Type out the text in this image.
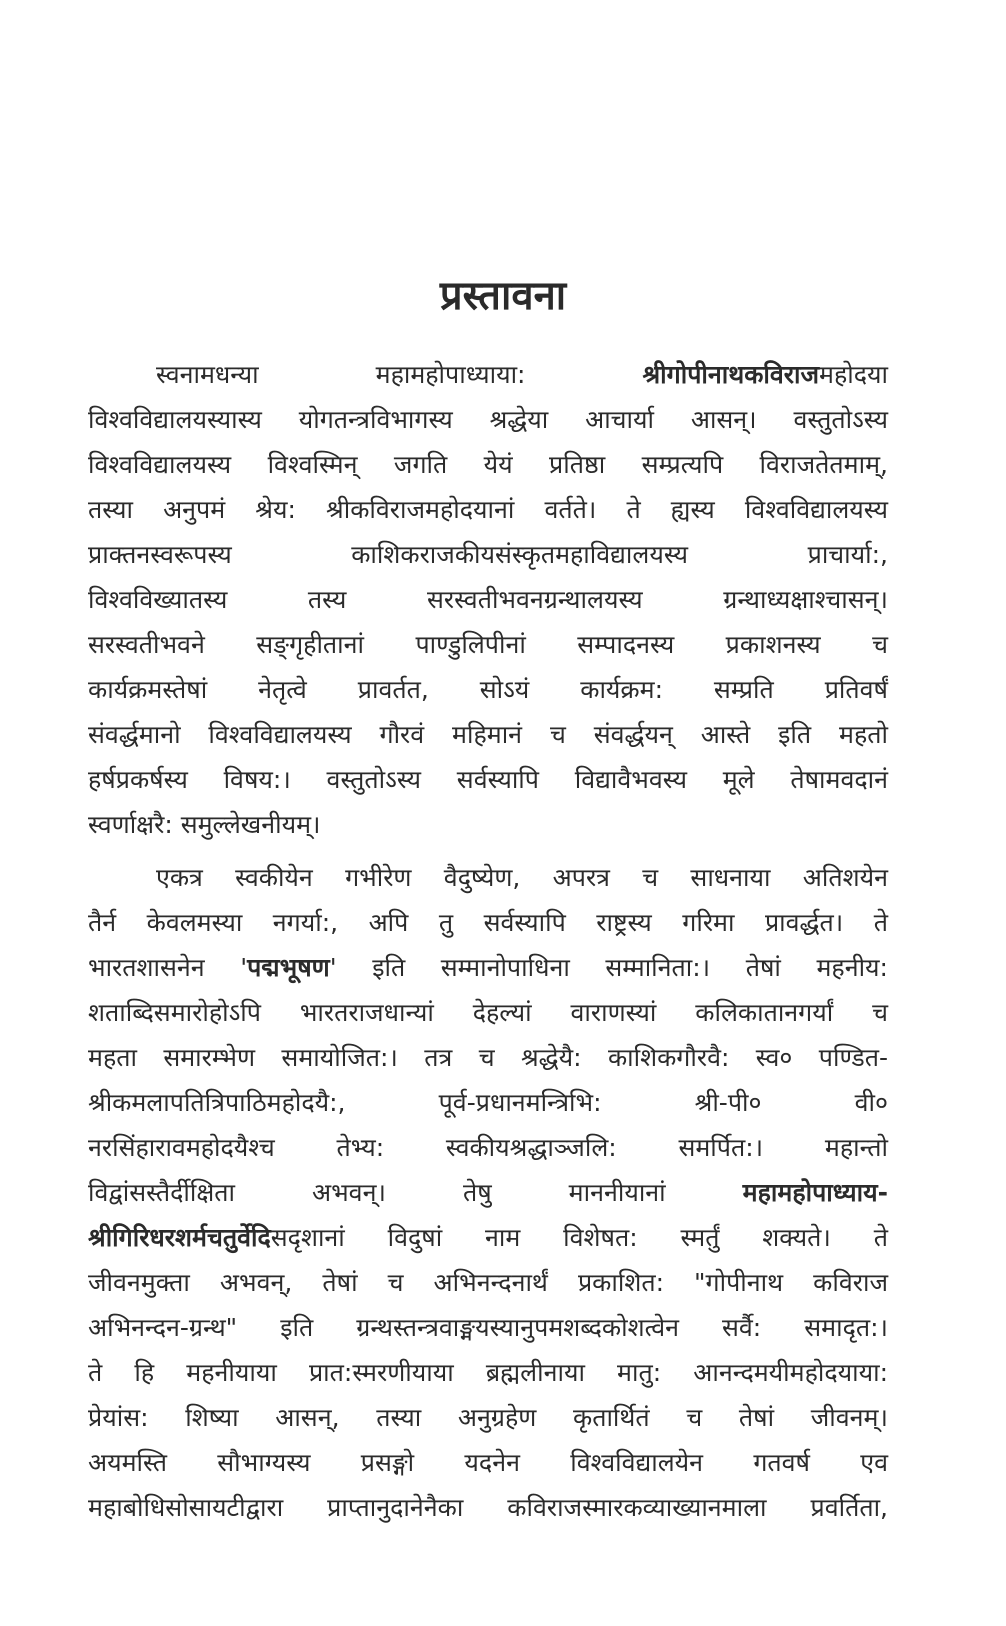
प्रस्तावना
स्वनामधन्या महामहोपाध्याया: श्रीगोपीनाथकविराजमहोदया
विश्वविद्यालयस्यास्य योगतन्त्रविभागस्य श्रद्धेया आचार्या आसन्। वस्तुतोऽस्य
विश्वविद्यालयस्य विश्वस्मिन् जगति येयं प्रतिष्ठा सम्प्रत्यपि विराजतेतमाम्,
तस्या अनुपमं श्रेय: श्रीकविराजमहोदयानां वर्तते। ते ह्यस्य विश्वविद्यालयस्य
प्राक्तनस्वरूपस्य काशिकराजकीयसंस्कृतमहाविद्यालयस्य प्राचार्या:,
विश्वविख्यातस्य तस्य सरस्वतीभवनग्रन्थालयस्य ग्रन्थाध्यक्षाश्चासन्।
सरस्वतीभवने सङ्गृहीतानां पाण्डुलिपीनां सम्पादनस्य प्रकाशनस्य च
कार्यक्रमस्तेषां नेतृत्वे प्रावर्तत, सोऽयं कार्यक्रम: सम्प्रति प्रतिवर्षं
संवर्द्धमानो विश्वविद्यालयस्य गौरवं महिमानं च संवर्द्धयन् आस्ते इति महतो
हर्षप्रकर्षस्य विषय:। वस्तुतोऽस्य सर्वस्यापि विद्यावैभवस्य मूले तेषामवदानं
स्वर्णाक्षरै: समुल्लेखनीयम्।
एकत्र स्वकीयेन गभीरेण वैदुष्येण, अपरत्र च साधनाया अतिशयेन
तैर्न केवलमस्या नगर्या:, अपि तु सर्वस्यापि राष्ट्रस्य गरिमा प्रावर्द्धत। ते
भारतशासनेन 'पद्मभूषण' इति सम्मानोपाधिना सम्मानिता:। तेषां महनीय:
शताब्दिसमारोहोऽपि भारतराजधान्यां देहल्यां वाराणस्यां कलिकातानगर्यां च
महता समारम्भेण समायोजित:। तत्र च श्रद्धेयै: काशिकगौरवै: स्व० पण्डित-
श्रीकमलापतित्रिपाठिमहोदयै:, पूर्व-प्रधानमन्त्रिभि: श्री-पी० वी०
नरसिंहारावमहोदयैश्च तेभ्य: स्वकीयश्रद्धाञ्जलि: समर्पित:। महान्तो
विद्वांसस्तैर्दीक्षिता अभवन्। तेषु माननीयानां महामहोपाध्याय-
श्रीगिरिधरशर्मचतुर्वेदिसदृशानां विदुषां नाम विशेषत: स्मर्तुं शक्यते। ते
जीवनमुक्ता अभवन्, तेषां च अभिनन्दनार्थं प्रकाशित: "गोपीनाथ कविराज
अभिनन्दन-ग्रन्थ" इति ग्रन्थस्तन्त्रवाङ्मयस्यानुपमशब्दकोशत्वेन सर्वै: समादृत:।
ते हि महनीयाया प्रात:स्मरणीयाया ब्रह्मलीनाया मातु: आनन्दमयीमहोदयाया:
प्रेयांस: शिष्या आसन्, तस्या अनुग्रहेण कृतार्थितं च तेषां जीवनम्।
अयमस्ति सौभाग्यस्य प्रसङ्गो यदनेन विश्वविद्यालयेन गतवर्ष एव
महाबोधिसोसायटीद्वारा प्राप्तानुदानेनैका कविराजस्मारकव्याख्यानमाला प्रवर्तिता,
